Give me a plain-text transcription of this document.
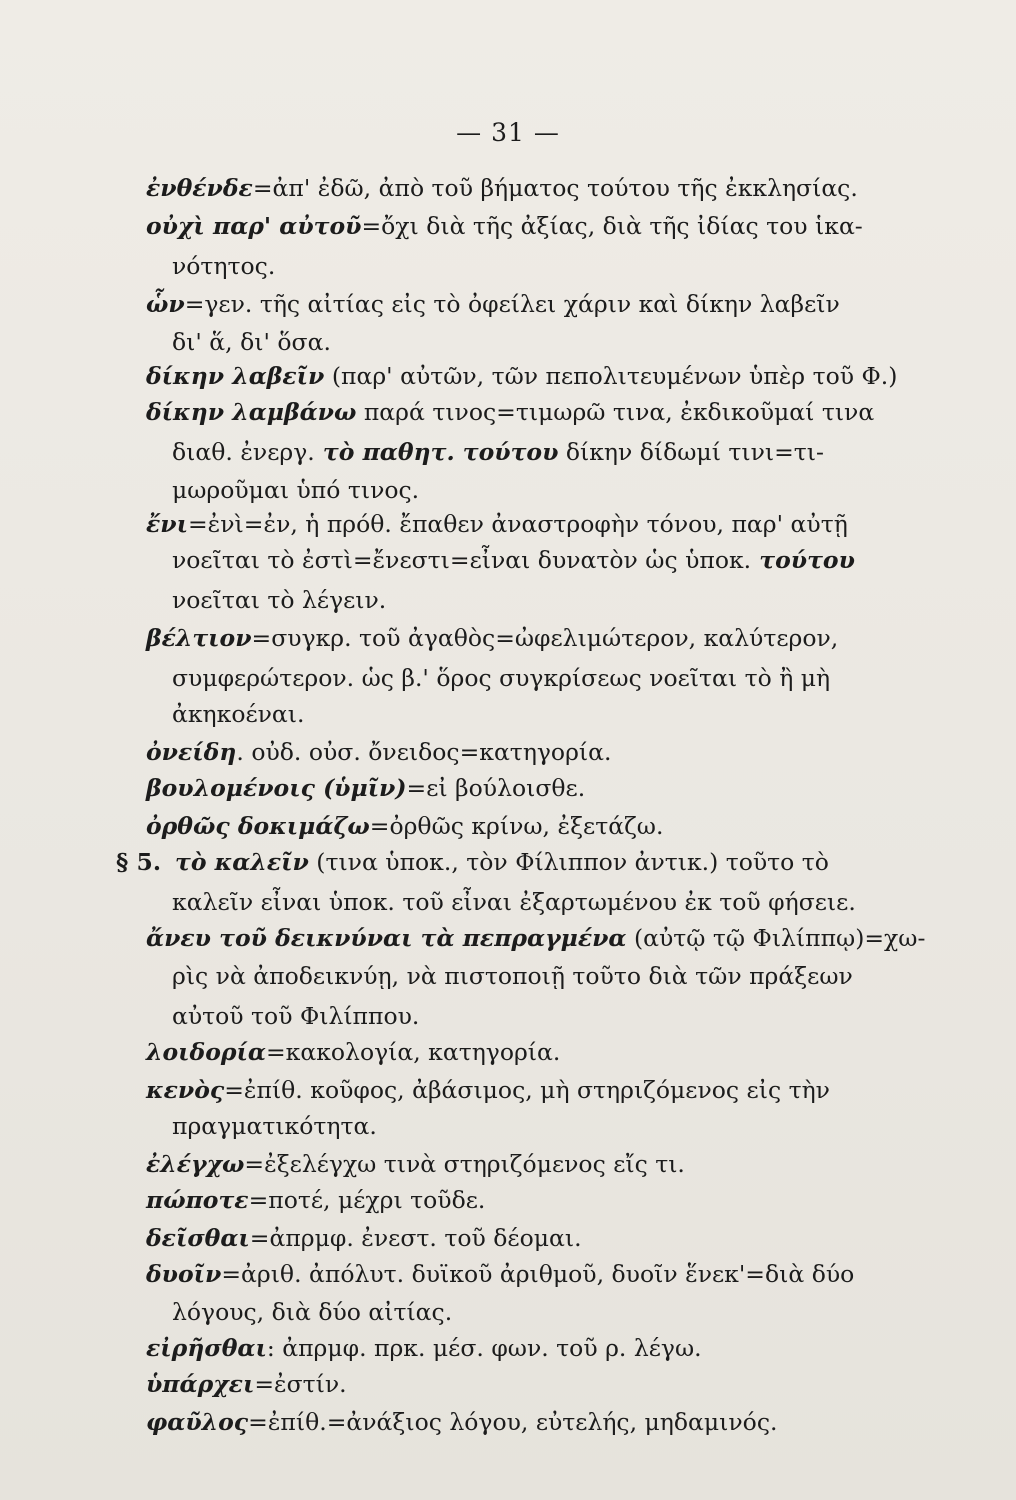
— 31 —
ἐνθένδε=ἀπ' ἐδῶ, ἀπὸ τοῦ βήματος τούτου τῆς ἐκκλησίας.
οὐχὶ παρ' αὐτοῦ=ὄχι διὰ τῆς ἀξίας, διὰ τῆς ἰδίας του ἱκα-
νότητος.
ὧν=γεν. τῆς αἰτίας εἰς τὸ ὀφείλει χάριν καὶ δίκην λαβεῖν
δι' ἅ, δι' ὅσα.
δίκην λαβεῖν (παρ' αὐτῶν, τῶν πεπολιτευμένων ὑπὲρ τοῦ Φ.)
δίκην λαμβάνω παρά τινος=τιμωρῶ τινα, ἐκδικοῦμαί τινα
διαθ. ἐνεργ. τὸ παθητ. τούτου δίκην δίδωμί τινι=τι-
μωροῦμαι ὑπό τινος.
ἔνι=ἐνὶ=ἐν, ἡ πρόθ. ἔπαθεν ἀναστροφὴν τόνου, παρ' αὐτῇ
νοεῖται τὸ ἐστὶ=ἔνεστι=εἶναι δυνατὸν ὡς ὑποκ. τούτου
νοεῖται τὸ λέγειν.
βέλτιον=συγκρ. τοῦ ἀγαθὸς=ὠφελιμώτερον, καλύτερον,
συμφερώτερον. ὡς β.' ὅρος συγκρίσεως νοεῖται τὸ ἢ μὴ
ἀκηκοέναι.
ὀνείδη. οὐδ. οὐσ. ὄνειδος=κατηγορία.
βουλομένοις (ὑμῖν)=εἰ βούλοισθε.
ὀρθῶς δοκιμάζω=ὀρθῶς κρίνω, ἐξετάζω.
§ 5. τὸ καλεῖν (τινα ὑποκ., τὸν Φίλιππον ἀντικ.) τοῦτο τὸ
καλεῖν εἶναι ὑποκ. τοῦ εἶναι ἐξαρτωμένου ἐκ τοῦ φήσειε.
ἄνευ τοῦ δεικνύναι τὰ πεπραγμένα (αὐτῷ τῷ Φιλίππῳ)=χω-
ρὶς νὰ ἀποδεικνύῃ, νὰ πιστοποιῇ τοῦτο διὰ τῶν πράξεων
αὐτοῦ τοῦ Φιλίππου.
λοιδορία=κακολογία, κατηγορία.
κενὸς=ἐπίθ. κοῦφος, ἀβάσιμος, μὴ στηριζόμενος εἰς τὴν
πραγματικότητα.
ἐλέγχω=ἐξελέγχω τινὰ στηριζόμενος εἴς τι.
πώποτε=ποτέ, μέχρι τοῦδε.
δεῖσθαι=ἀπρμφ. ἐνεστ. τοῦ δέομαι.
δυοῖν=ἀριθ. ἀπόλυτ. δυϊκοῦ ἀριθμοῦ, δυοῖν ἕνεκ'=διὰ δύο
λόγους, διὰ δύο αἰτίας.
εἰρῆσθαι: ἀπρμφ. πρκ. μέσ. φων. τοῦ ρ. λέγω.
ὑπάρχει=ἐστίν.
φαῦλος=ἐπίθ.=ἀνάξιος λόγου, εὐτελής, μηδαμινός.
